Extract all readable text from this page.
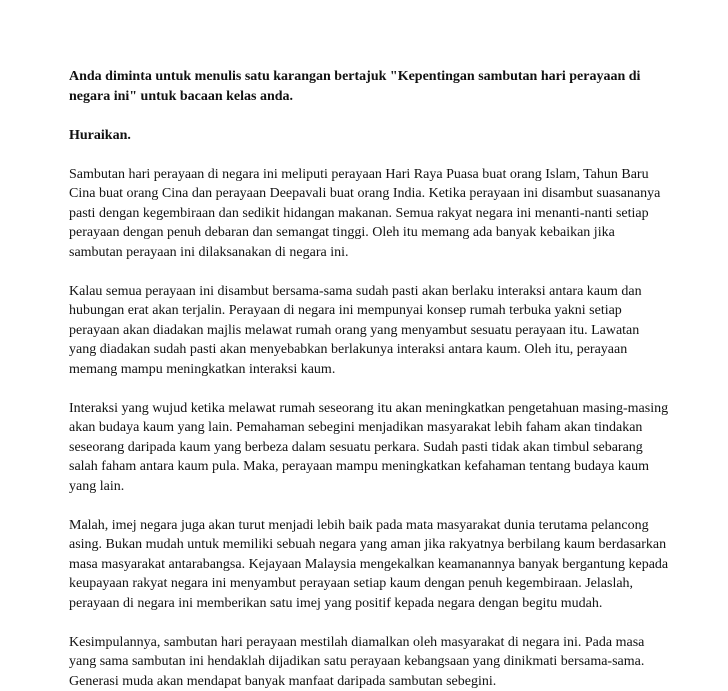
Anda diminta untuk menulis satu karangan bertajuk "Kepentingan sambutan hari perayaan di negara ini" untuk bacaan kelas anda.

Huraikan.

Sambutan hari perayaan di negara ini meliputi perayaan Hari Raya Puasa buat orang Islam, Tahun Baru Cina buat orang Cina dan perayaan Deepavali buat orang India. Ketika perayaan ini disambut suasananya pasti dengan kegembiraan dan sedikit hidangan makanan. Semua rakyat negara ini menanti-nanti setiap perayaan dengan penuh debaran dan semangat tinggi. Oleh itu memang ada banyak kebaikan jika sambutan perayaan ini dilaksanakan di negara ini.

Kalau semua perayaan ini disambut bersama-sama sudah pasti akan berlaku interaksi antara kaum dan hubungan erat akan terjalin. Perayaan di negara ini mempunyai konsep rumah terbuka yakni setiap perayaan akan diadakan majlis melawat rumah orang yang menyambut sesuatu perayaan itu. Lawatan yang diadakan sudah pasti akan menyebabkan berlakunya interaksi antara kaum. Oleh itu, perayaan memang mampu meningkatkan interaksi kaum.

Interaksi yang wujud ketika melawat rumah seseorang itu akan meningkatkan pengetahuan masing-masing akan budaya kaum yang lain. Pemahaman sebegini menjadikan masyarakat lebih faham akan tindakan seseorang daripada kaum yang berbeza dalam sesuatu perkara. Sudah pasti tidak akan timbul sebarang salah faham antara kaum pula. Maka, perayaan mampu meningkatkan kefahaman tentang budaya kaum yang lain.

Malah, imej negara juga akan turut menjadi lebih baik pada mata masyarakat dunia terutama pelancong asing. Bukan mudah untuk memiliki sebuah negara yang aman jika rakyatnya berbilang kaum berdasarkan masa masyarakat antarabangsa. Kejayaan Malaysia mengekalkan keamanannya banyak bergantung kepada keupayaan rakyat negara ini menyambut perayaan setiap kaum dengan penuh kegembiraan. Jelaslah, perayaan di negara ini memberikan satu imej yang positif kepada negara dengan begitu mudah.

Kesimpulannya, sambutan hari perayaan mestilah diamalkan oleh masyarakat di negara ini. Pada masa yang sama sambutan ini hendaklah dijadikan satu perayaan kebangsaan yang dinikmati bersama-sama. Generasi muda akan mendapat banyak manfaat daripada sambutan sebegini.
